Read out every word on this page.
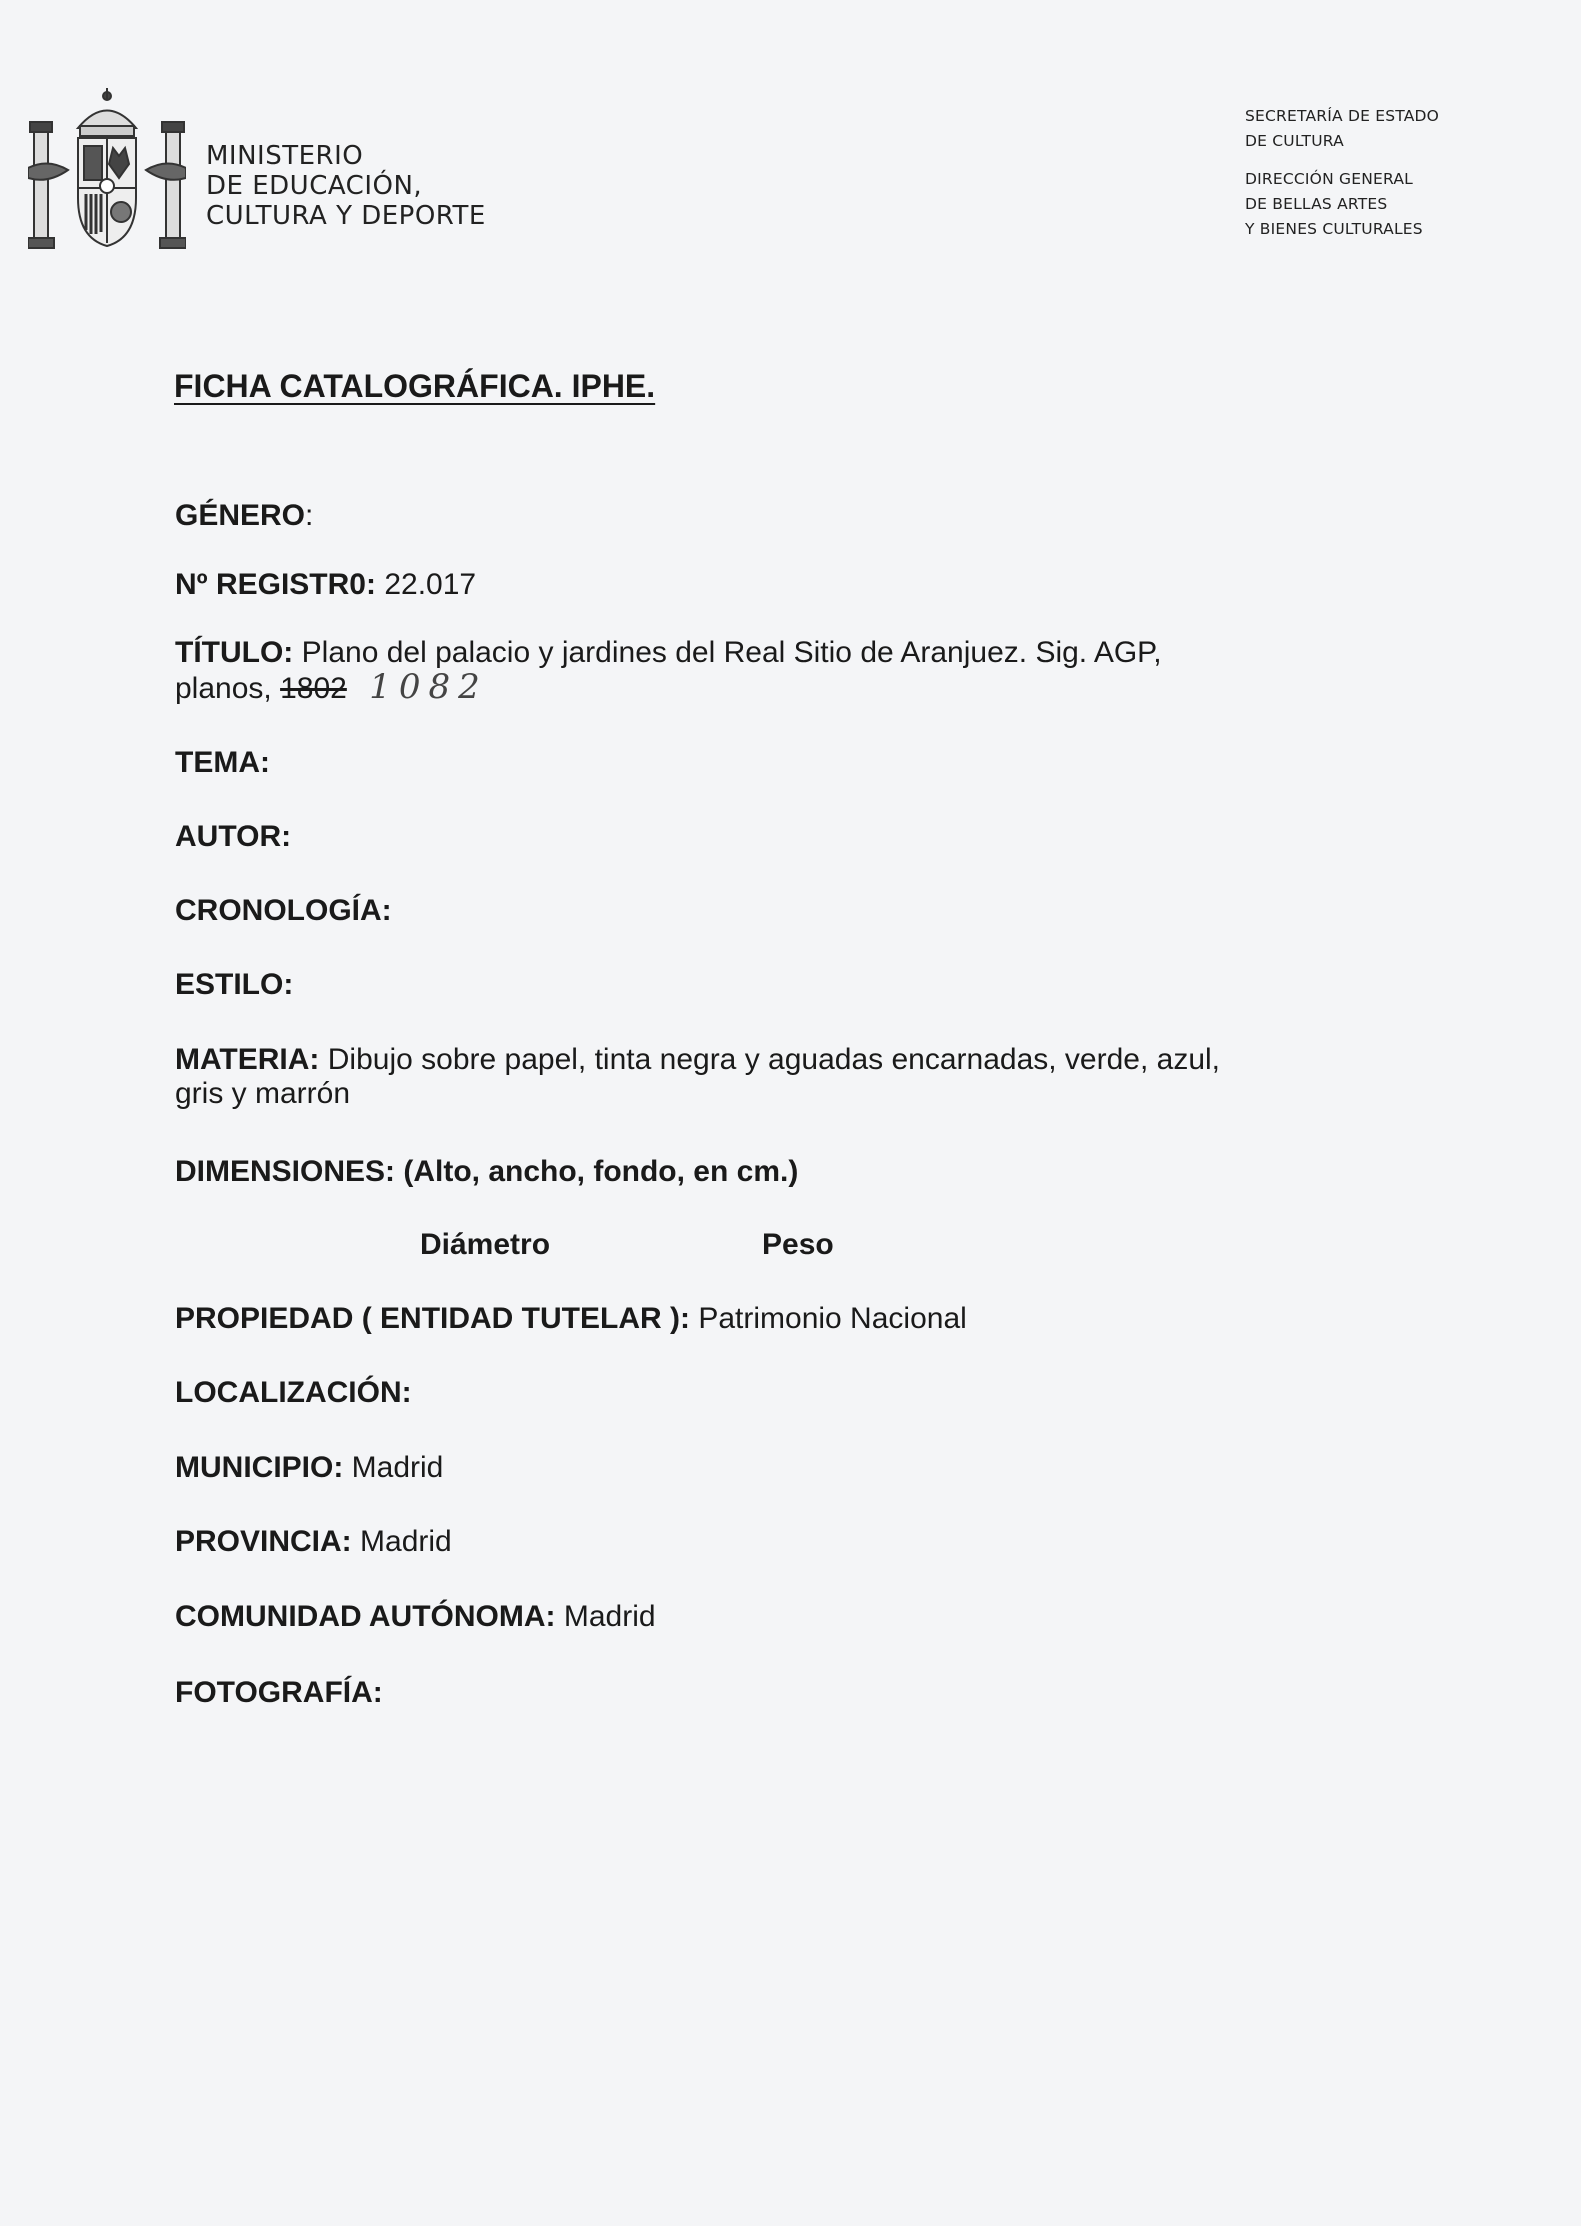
MINISTERIO
DE EDUCACIÓN,
CULTURA Y DEPORTE
SECRETARÍA DE ESTADO
DE CULTURA
DIRECCIÓN GENERAL
DE BELLAS ARTES
Y BIENES CULTURALES
FICHA CATALOGRÁFICA. IPHE.
GÉNERO:
Nº REGISTR0: 22.017
TÍTULO: Plano del palacio y jardines del Real Sitio de Aranjuez. Sig. AGP,
planos, 1802 1082
TEMA:
AUTOR:
CRONOLOGÍA:
ESTILO:
MATERIA: Dibujo sobre papel, tinta negra y aguadas encarnadas, verde, azul,
gris y marrón
DIMENSIONES: (Alto, ancho, fondo, en cm.)
Diámetro	Peso
PROPIEDAD ( ENTIDAD TUTELAR ): Patrimonio Nacional
LOCALIZACIÓN:
MUNICIPIO: Madrid
PROVINCIA: Madrid
COMUNIDAD AUTÓNOMA: Madrid
FOTOGRAFÍA:
